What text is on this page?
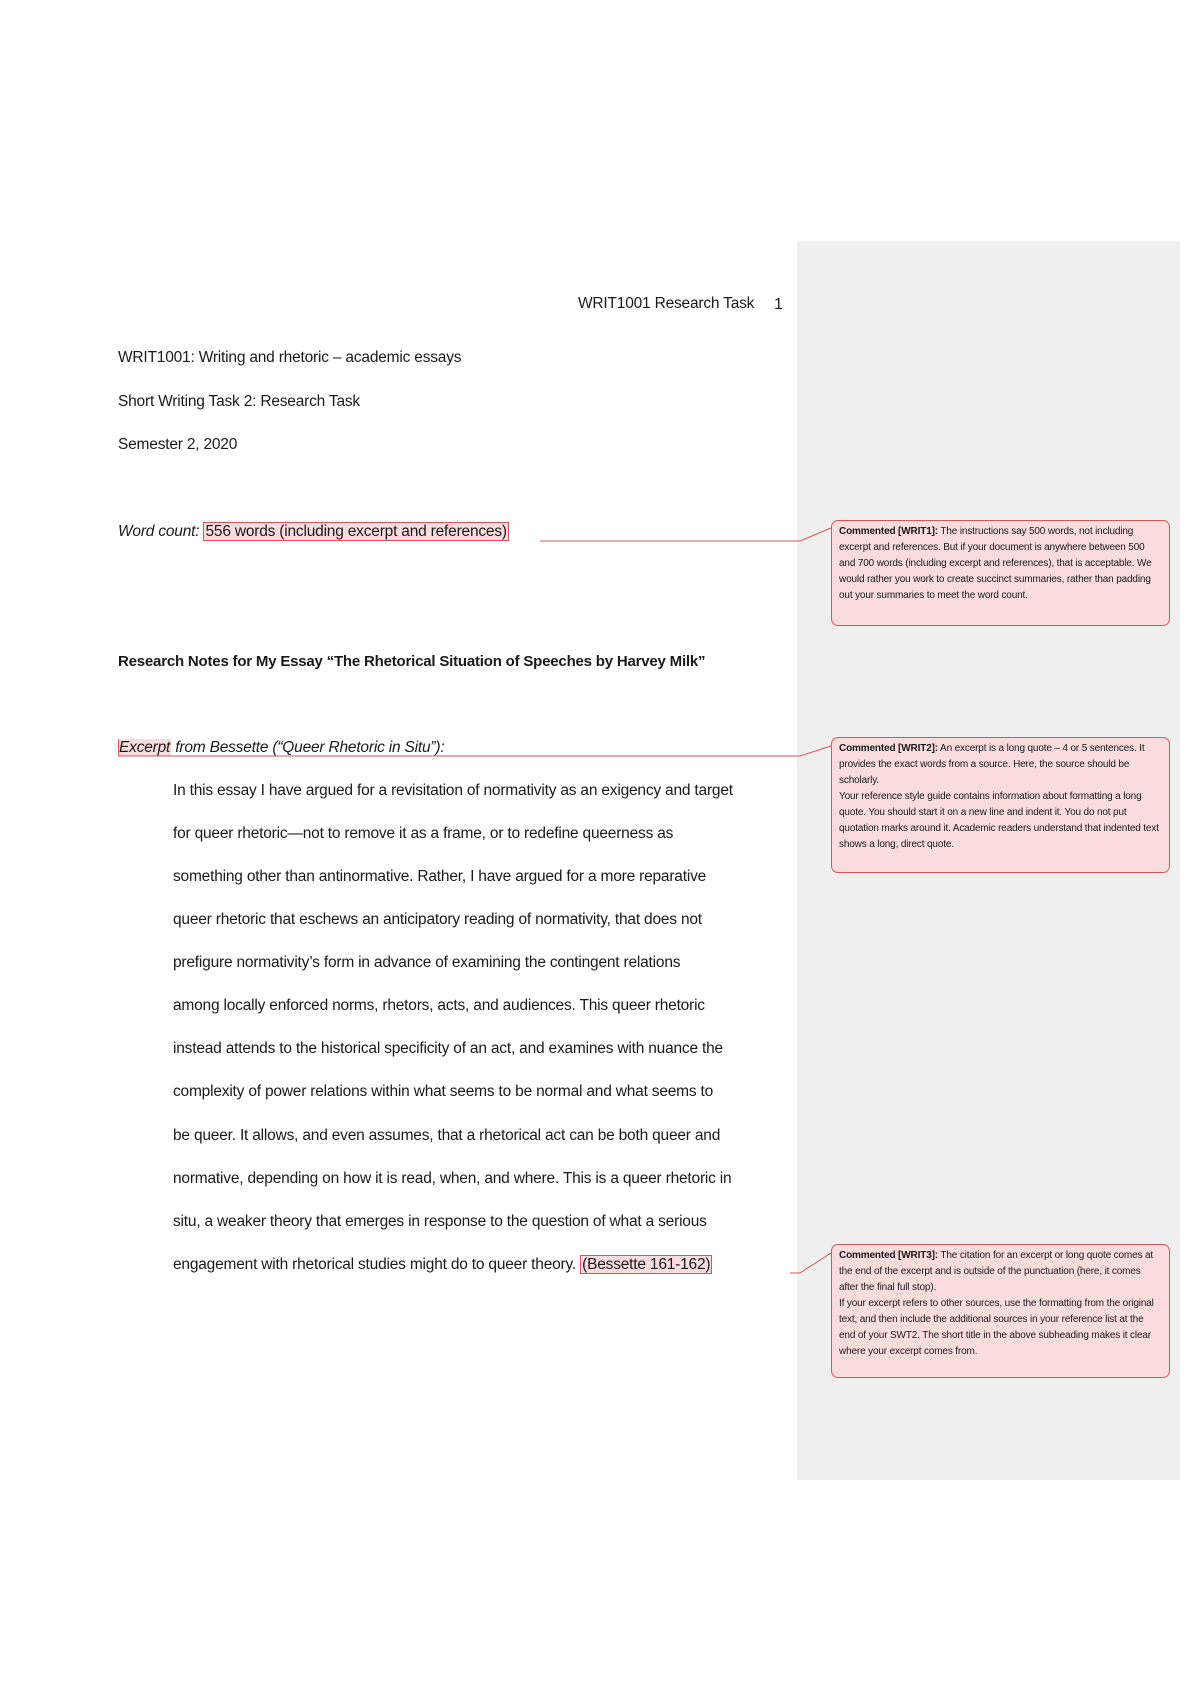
WRIT1001 Research Task 1
WRIT1001: Writing and rhetoric – academic essays
Short Writing Task 2: Research Task
Semester 2, 2020
Word count: 556 words (including excerpt and references)
Research Notes for My Essay “The Rhetorical Situation of Speeches by Harvey Milk”
Excerpt from Bessette (“Queer Rhetoric in Situ”):
In this essay I have argued for a revisitation of normativity as an exigency and target
for queer rhetoric—not to remove it as a frame, or to redefine queerness as
something other than antinormative. Rather, I have argued for a more reparative
queer rhetoric that eschews an anticipatory reading of normativity, that does not
prefigure normativity’s form in advance of examining the contingent relations
among locally enforced norms, rhetors, acts, and audiences. This queer rhetoric
instead attends to the historical specificity of an act, and examines with nuance the
complexity of power relations within what seems to be normal and what seems to
be queer. It allows, and even assumes, that a rhetorical act can be both queer and
normative, depending on how it is read, when, and where. This is a queer rhetoric in
situ, a weaker theory that emerges in response to the question of what a serious
engagement with rhetorical studies might do to queer theory. (Bessette 161-162)

Commented [WRIT1]: The instructions say 500 words, not including excerpt and references. But if your document is anywhere between 500 and 700 words (including excerpt and references), that is acceptable. We would rather you work to create succinct summaries, rather than padding out your summaries to meet the word count.

Commented [WRIT2]: An excerpt is a long quote – 4 or 5 sentences. It provides the exact words from a source. Here, the source should be scholarly.

Your reference style guide contains information about formatting a long quote. You should start it on a new line and indent it. You do not put quotation marks around it. Academic readers understand that indented text shows a long, direct quote.

Commented [WRIT3]: The citation for an excerpt or long quote comes at the end of the excerpt and is outside of the punctuation (here, it comes after the final full stop).

If your excerpt refers to other sources, use the formatting from the original text, and then include the additional sources in your reference list at the end of your SWT2. The short title in the above subheading makes it clear where your excerpt comes from.
